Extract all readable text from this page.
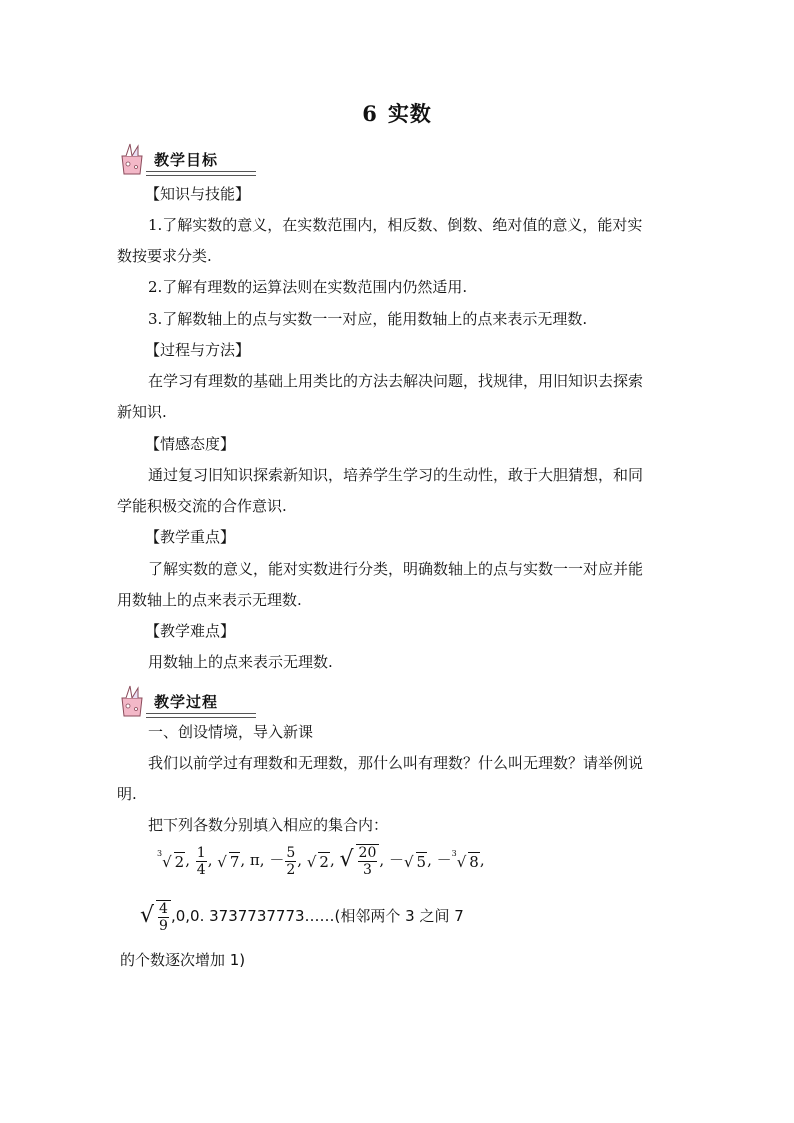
6 实数
教学目标
【知识与技能】
1.了解实数的意义，在实数范围内，相反数、倒数、绝对值的意义，能对实
数按要求分类.
2.了解有理数的运算法则在实数范围内仍然适用.
3.了解数轴上的点与实数一一对应，能用数轴上的点来表示无理数.
【过程与方法】
在学习有理数的基础上用类比的方法去解决问题，找规律，用旧知识去探索
新知识.
【情感态度】
通过复习旧知识探索新知识，培养学生学习的生动性，敢于大胆猜想，和同
学能积极交流的合作意识.
【教学重点】
了解实数的意义，能对实数进行分类，明确数轴上的点与实数一一对应并能
用数轴上的点来表示无理数.
【教学难点】
用数轴上的点来表示无理数.
教学过程
一、创设情境，导入新课
我们以前学过有理数和无理数，那什么叫有理数？什么叫无理数？请举例说
明.
把下列各数分别填入相应的集合内：
$^3$√ 2, $\frac{1}{4}$ , √ 7, π, － $\frac{5}{2}$ , √ 2, √ $\frac{20}{3}$ , －√ 5, －$^3$√ 8,
√ $\frac{4}{9} ,0,0$. 3737737773……(相邻两个 3 之间 7
的个数逐次增加 1)
